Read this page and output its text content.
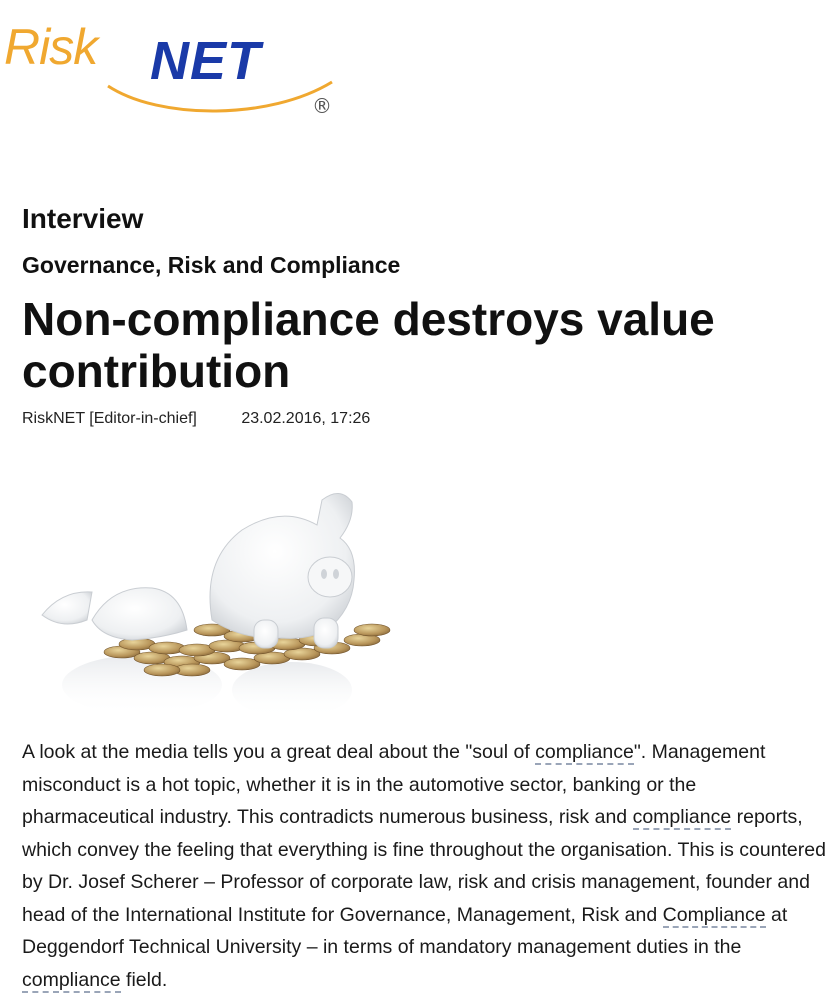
Risk NET
®
Interview
Governance, Risk and Compliance
Non-compliance destroys value contribution
RiskNET [Editor-in-chief]	23.02.2016, 17:26

A look at the media tells you a great deal about the "soul of compliance". Management misconduct is a hot topic, whether it is in the automotive sector, banking or the pharmaceutical industry. This contradicts numerous business, risk and compliance reports, which convey the feeling that everything is fine throughout the organisation. This is countered by Dr. Josef Scherer – Professor of corporate law, risk and crisis management, founder and head of the International Institute for Governance, Management, Risk and Compliance at Deggendorf Technical University – in terms of mandatory management duties in the compliance field.
